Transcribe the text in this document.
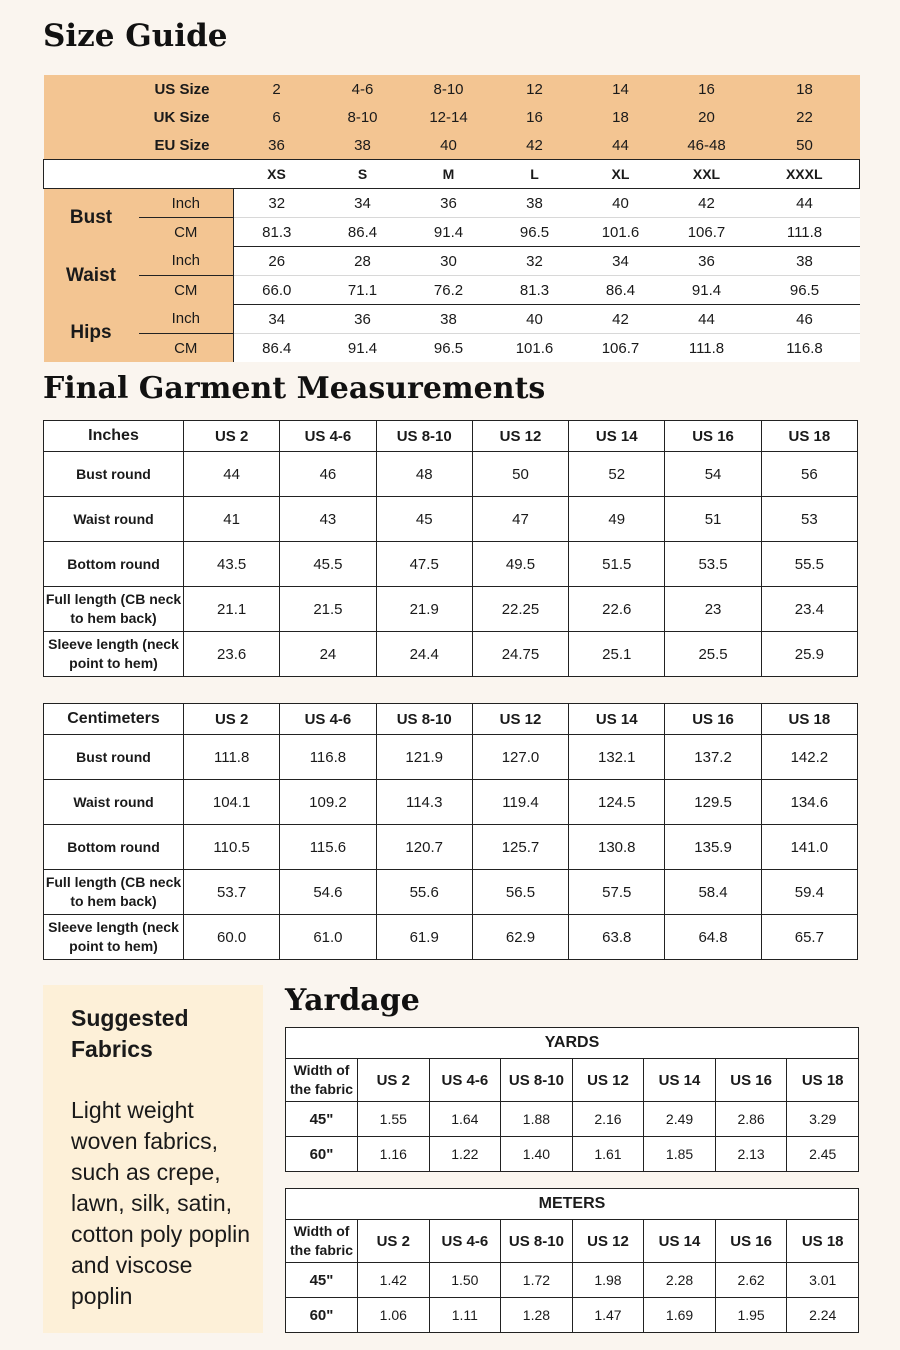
Size Guide
US Size		2	4-6	8-10	12	14	16	18
UK Size		6	8-10	12-14	16	18	20	22
EU Size		36	38	40	42	44	46-48	50
		XS	S	M	L	XL	XXL	XXXL
Bust	Inch	32	34	36	38	40	42	44
	CM	81.3	86.4	91.4	96.5	101.6	106.7	111.8
Waist	Inch	26	28	30	32	34	36	38
	CM	66.0	71.1	76.2	81.3	86.4	91.4	96.5
Hips	Inch	34	36	38	40	42	44	46
	CM	86.4	91.4	96.5	101.6	106.7	111.8	116.8
Final Garment Measurements
Inches	US 2	US 4-6	US 8-10	US 12	US 14	US 16	US 18
Bust round	44	46	48	50	52	54	56
Waist round	41	43	45	47	49	51	53
Bottom round	43.5	45.5	47.5	49.5	51.5	53.5	55.5
Full length (CB neck to hem back)	21.1	21.5	21.9	22.25	22.6	23	23.4
Sleeve length (neck point to hem)	23.6	24	24.4	24.75	25.1	25.5	25.9
Centimeters	US 2	US 4-6	US 8-10	US 12	US 14	US 16	US 18
Bust round	111.8	116.8	121.9	127.0	132.1	137.2	142.2
Waist round	104.1	109.2	114.3	119.4	124.5	129.5	134.6
Bottom round	110.5	115.6	120.7	125.7	130.8	135.9	141.0
Full length (CB neck to hem back)	53.7	54.6	55.6	56.5	57.5	58.4	59.4
Sleeve length (neck point to hem)	60.0	61.0	61.9	62.9	63.8	64.8	65.7
Suggested Fabrics
Light weight woven fabrics, such as crepe, lawn, silk, satin, cotton poly poplin and viscose poplin
Yardage
YARDS							
Width of the fabric	US 2	US 4-6	US 8-10	US 12	US 14	US 16	US 18
45"	1.55	1.64	1.88	2.16	2.49	2.86	3.29
60"	1.16	1.22	1.40	1.61	1.85	2.13	2.45
METERS							
Width of the fabric	US 2	US 4-6	US 8-10	US 12	US 14	US 16	US 18
45"	1.42	1.50	1.72	1.98	2.28	2.62	3.01
60"	1.06	1.11	1.28	1.47	1.69	1.95	2.24
